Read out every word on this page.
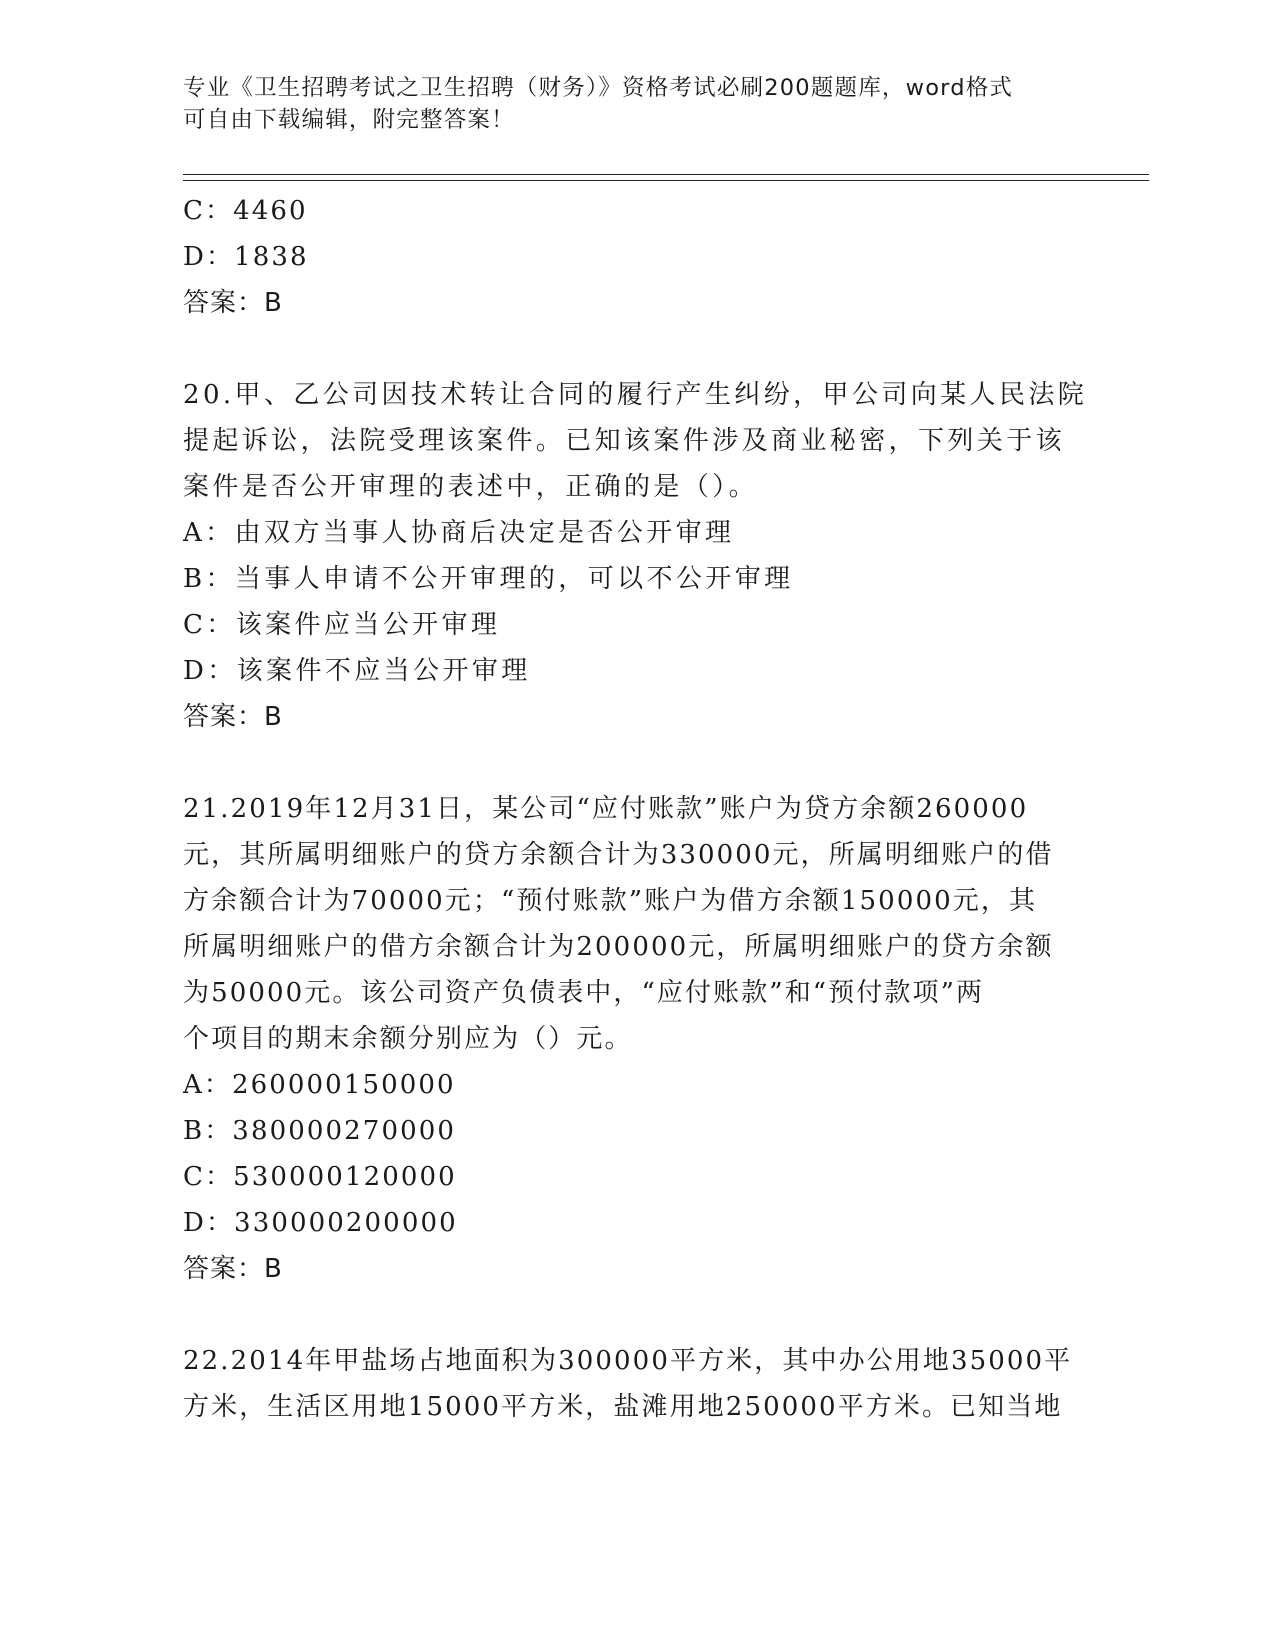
专业《卫生招聘考试之卫生招聘（财务）》资格考试必刷200题题库，word格式
可自由下载编辑，附完整答案！
C：4460
D：1838
答案：B
20.甲、乙公司因技术转让合同的履行产生纠纷，甲公司向某人民法院
提起诉讼，法院受理该案件。已知该案件涉及商业秘密，下列关于该
案件是否公开审理的表述中，正确的是（）。
A：由双方当事人协商后决定是否公开审理
B：当事人申请不公开审理的，可以不公开审理
C：该案件应当公开审理
D：该案件不应当公开审理
答案：B
21.2019年12月31日，某公司“应付账款”账户为贷方余额260000
元，其所属明细账户的贷方余额合计为330000元，所属明细账户的借
方余额合计为70000元；“预付账款”账户为借方余额150000元，其
所属明细账户的借方余额合计为200000元，所属明细账户的贷方余额
为50000元。该公司资产负债表中，“应付账款”和“预付款项”两
个项目的期末余额分别应为（）元。
A：260000150000
B：380000270000
C：530000120000
D：330000200000
答案：B
22.2014年甲盐场占地面积为300000平方米，其中办公用地35000平
方米，生活区用地15000平方米，盐滩用地250000平方米。已知当地
